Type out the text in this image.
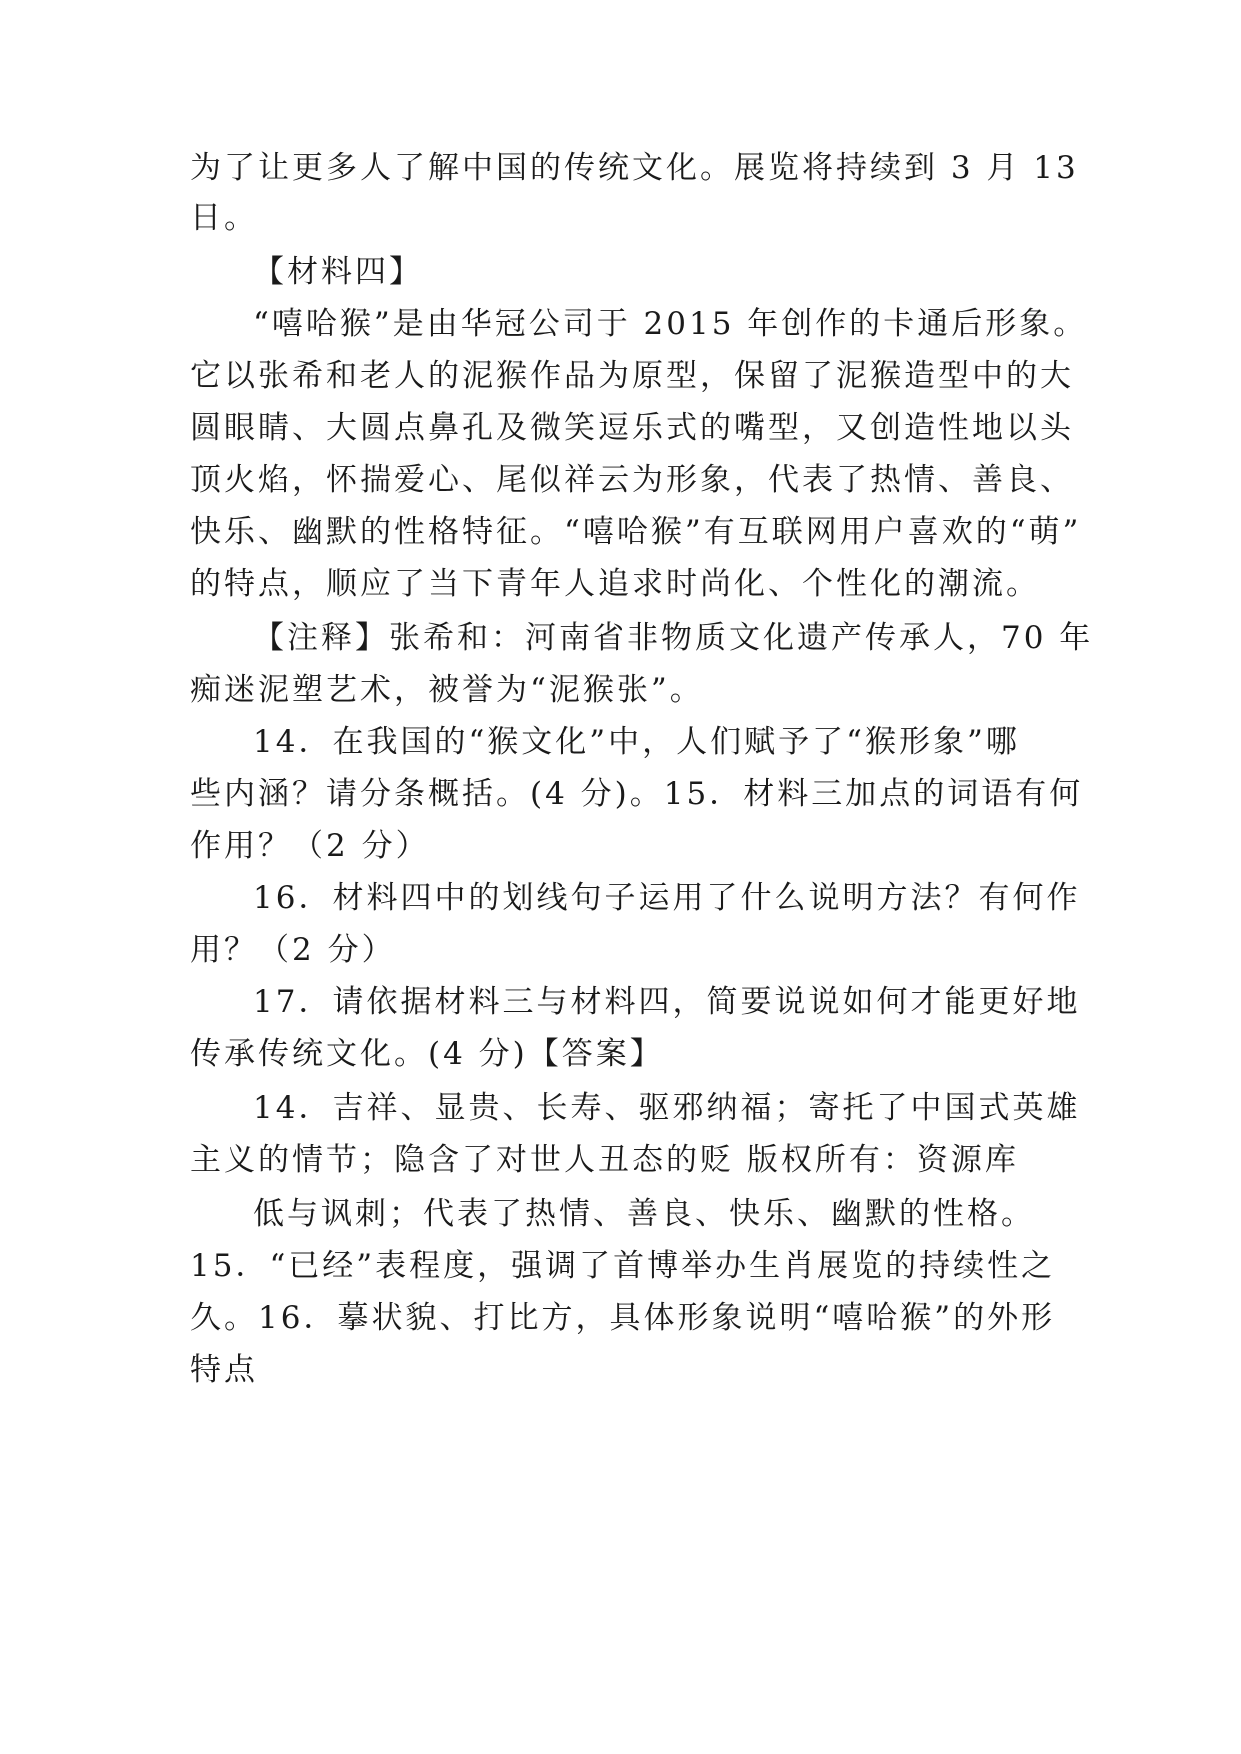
为了让更多人了解中国的传统文化。展览将持续到 3 月 13
日。
【材料四】
“嘻哈猴”是由华冠公司于 2015 年创作的卡通后形象。
它以张希和老人的泥猴作品为原型，保留了泥猴造型中的大
圆眼睛、大圆点鼻孔及微笑逗乐式的嘴型，又创造性地以头
顶火焰，怀揣爱心、尾似祥云为形象，代表了热情、善良、
快乐、幽默的性格特征。“嘻哈猴”有互联网用户喜欢的“萌”
的特点，顺应了当下青年人追求时尚化、个性化的潮流。
【注释】张希和：河南省非物质文化遗产传承人，70 年
痴迷泥塑艺术，被誉为“泥猴张”。
14．在我国的“猴文化”中，人们赋予了“猴形象”哪
些内涵？请分条概括。(4 分)。15．材料三加点的词语有何
作用？（2 分）
16．材料四中的划线句子运用了什么说明方法？有何作
用？（2 分）
17．请依据材料三与材料四，简要说说如何才能更好地
传承传统文化。(4 分)【答案】
14．吉祥、显贵、长寿、驱邪纳福；寄托了中国式英雄
主义的情节；隐含了对世人丑态的贬 版权所有：资源库
低与讽刺；代表了热情、善良、快乐、幽默的性格。
15．“已经”表程度，强调了首博举办生肖展览的持续性之
久。16．摹状貌、打比方，具体形象说明“嘻哈猴”的外形
特点
